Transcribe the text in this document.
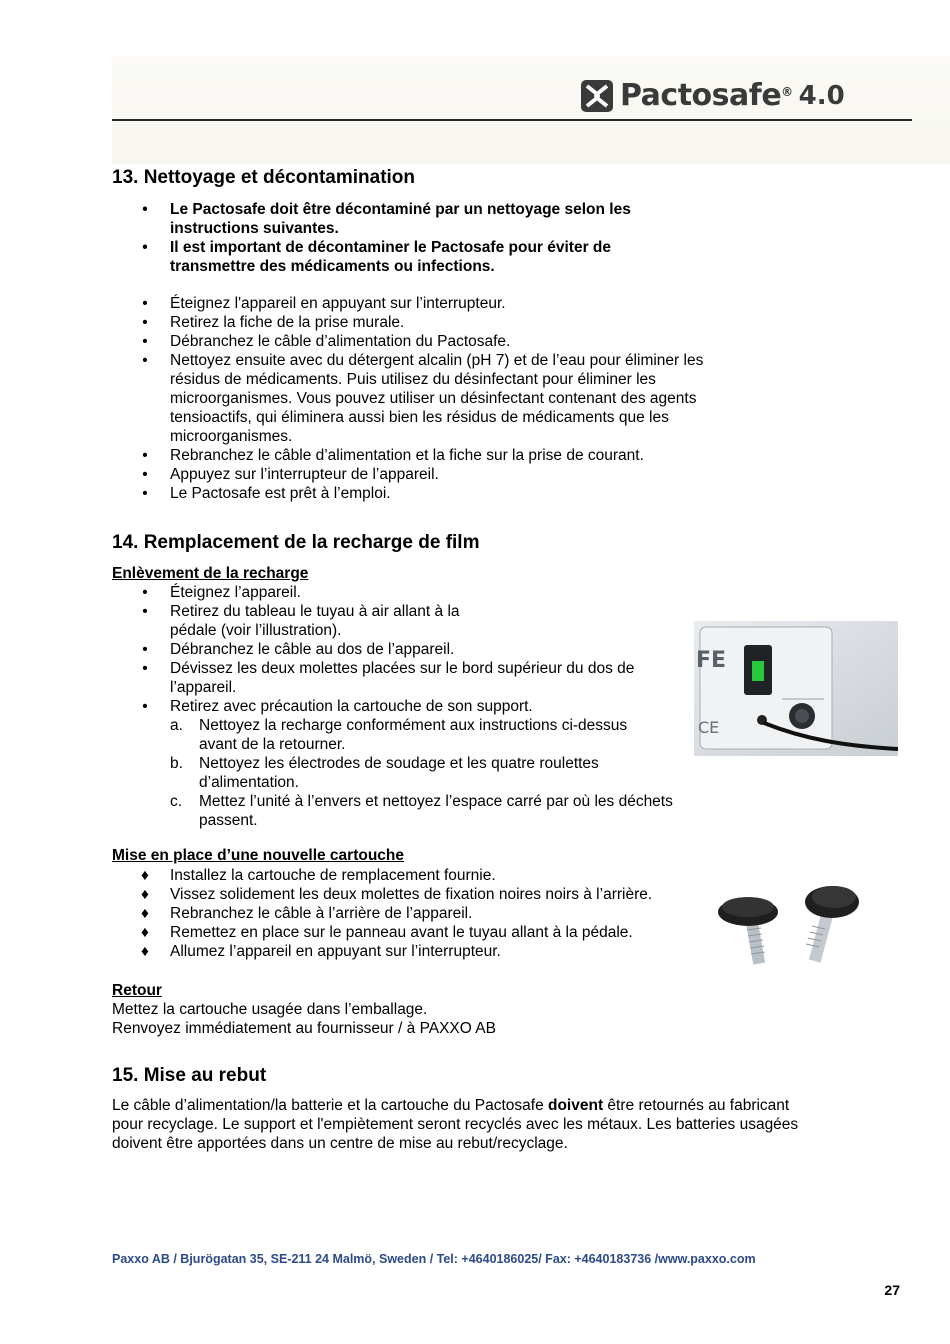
Pactosafe® 4.0
13. Nettoyage et décontamination
• Le Pactosafe doit être décontaminé par un nettoyage selon les instructions suivantes.
• Il est important de décontaminer le Pactosafe pour éviter de transmettre des médicaments ou infections.
• Éteignez l'appareil en appuyant sur l’interrupteur.
• Retirez la fiche de la prise murale.
• Débranchez le câble d’alimentation du Pactosafe.
• Nettoyez ensuite avec du détergent alcalin (pH 7) et de l’eau pour éliminer les résidus de médicaments. Puis utilisez du désinfectant pour éliminer les microorganismes. Vous pouvez utiliser un désinfectant contenant des agents tensioactifs, qui éliminera aussi bien les résidus de médicaments que les microorganismes.
• Rebranchez le câble d’alimentation et la fiche sur la prise de courant.
• Appuyez sur l’interrupteur de l’appareil.
• Le Pactosafe est prêt à l’emploi.
14. Remplacement de la recharge de film
Enlèvement de la recharge
• Éteignez l’appareil.
• Retirez du tableau le tuyau à air allant à la pédale (voir l’illustration).
• Débranchez le câble au dos de l’appareil.
• Dévissez les deux molettes placées sur le bord supérieur du dos de l’appareil.
• Retirez avec précaution la cartouche de son support.
a. Nettoyez la recharge conformément aux instructions ci-dessus avant de la retourner.
b. Nettoyez les électrodes de soudage et les quatre roulettes d’alimentation.
c. Mettez l’unité à l’envers et nettoyez l’espace carré par où les déchets passent.
FE
CE
Mise en place d’une nouvelle cartouche
♦ Installez la cartouche de remplacement fournie.
♦ Vissez solidement les deux molettes de fixation noires noirs à l’arrière.
♦ Rebranchez le câble à l’arrière de l’appareil.
♦ Remettez en place sur le panneau avant le tuyau allant à la pédale.
♦ Allumez l’appareil en appuyant sur l’interrupteur.
Retour

Mettez la cartouche usagée dans l’emballage.

Renvoyez immédiatement au fournisseur / à PAXXO AB

15. Mise au rebut

Le câble d’alimentation/la batterie et la cartouche du Pactosafe doivent être retournés au fabricant pour recyclage. Le support et l'empiètement seront recyclés avec les métaux. Les batteries usagées doivent être apportées dans un centre de mise au rebut/recyclage.

Paxxo AB / Bjurögatan 35, SE-211 24 Malmö, Sweden / Tel: +4640186025/ Fax: +4640183736 /www.paxxo.com
27
